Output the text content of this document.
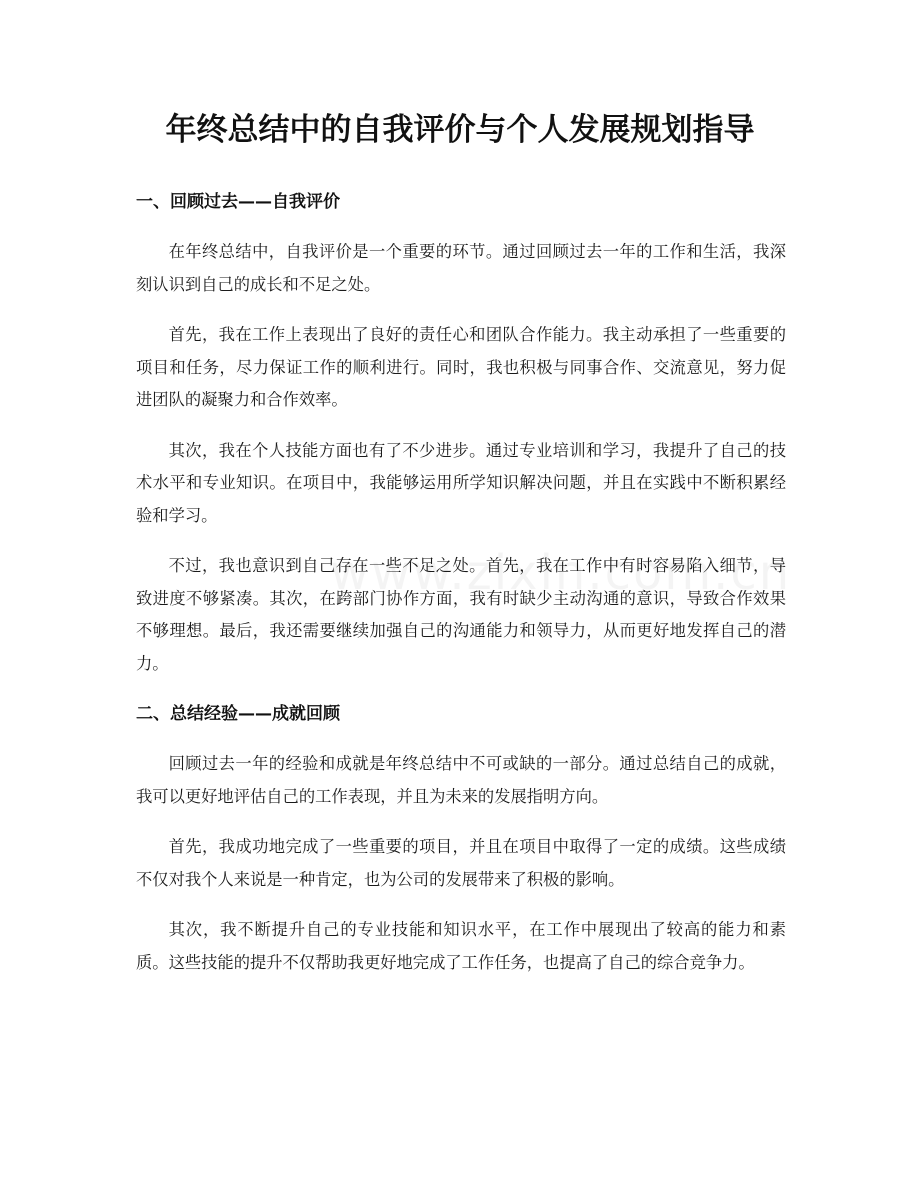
年终总结中的自我评价与个人发展规划指导
一、回顾过去——自我评价

在年终总结中，自我评价是一个重要的环节。通过回顾过去一年的工作和生活，我深刻认识到自己的成长和不足之处。

首先，我在工作上表现出了良好的责任心和团队合作能力。我主动承担了一些重要的项目和任务，尽力保证工作的顺利进行。同时，我也积极与同事合作、交流意见，努力促进团队的凝聚力和合作效率。

其次，我在个人技能方面也有了不少进步。通过专业培训和学习，我提升了自己的技术水平和专业知识。在项目中，我能够运用所学知识解决问题，并且在实践中不断积累经验和学习。

不过，我也意识到自己存在一些不足之处。首先，我在工作中有时容易陷入细节，导致进度不够紧凑。其次，在跨部门协作方面，我有时缺少主动沟通的意识，导致合作效果不够理想。最后，我还需要继续加强自己的沟通能力和领导力，从而更好地发挥自己的潜力。

二、总结经验——成就回顾

回顾过去一年的经验和成就是年终总结中不可或缺的一部分。通过总结自己的成就，我可以更好地评估自己的工作表现，并且为未来的发展指明方向。

首先，我成功地完成了一些重要的项目，并且在项目中取得了一定的成绩。这些成绩不仅对我个人来说是一种肯定，也为公司的发展带来了积极的影响。

其次，我不断提升自己的专业技能和知识水平，在工作中展现出了较高的能力和素质。这些技能的提升不仅帮助我更好地完成了工作任务，也提高了自己的综合竞争力。
